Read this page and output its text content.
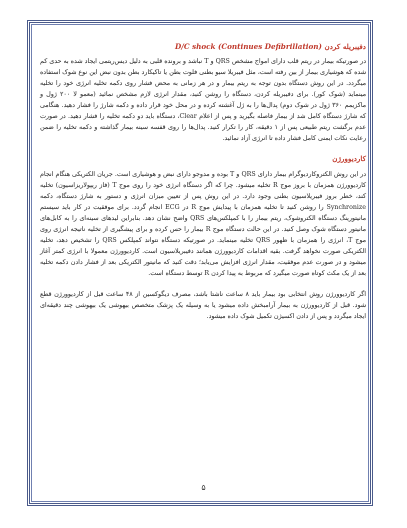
دفیبریله کردن D/C shock (Continues Defibrillation)

در صورتیکه بیمار در ریتم قلب دارای امواج مشخص QRS و T نباشد و برونده قلبی به دلیل دیس‌ریتمی ایجاد شده به حدی کم شده که هوشیاری بیمار از بین رفته است، مثل فیبریلا سیو بطنی فلوت بطن یا تاکیکارد بطن بدون نبض این نوع شوک استفاده میگردد. در این روش دستگاه بدون توجه به ریتم بیمار و در هر زمانی به محض فشار روی دکمه تخلیه انرژی خود را تخلیه مینماید (شوک کور). برای دفیبریله کردن، دستگاه را روشن کنید، مقدار انرژی لازم مشخص نمائید (معمو لا ۲۰۰ ژول و ماکزیمم ۳۶۰ ژول در شوک دوم) پدال‌ها را به ژل آغشته کرده و در محل خود قرار داده و دکمه شارژ را فشار دهید. هنگامی که شارژ دستگاه کامل شد از بیمار فاصله بگیرید و پس از اعلام Clear، دستگاه باید دو دکمه تخلیه را فشار دهید. در صورت عدم برگشت ریتم طبیعی پس از ۱ دقیقه، کار را تکرار کنید. پدال‌ها را روی قفسه سینه بیمار گذاشته و دکمه تخلیه را ضمن رعایت نکات ایمنی کامل فشار داده تا انرژی آزاد نمائید.

کاردیوورژن

در این روش الکتروکاردیوگرام بیمار دارای QRS و T بوده و مدوجو دارای نبض و هوشیاری است. جریان الکتریکی هنگام انجام کاردیوورژن همزمان با بروز موج R تخلیه میشود. چرا که اگر دستگاه انرژی خود را روی موج T (فاز ریپولاریزاسیون) تخلیه کند، خطر بروز فیبریلاسیون بطنی وجود دارد. در این روش پس از تعیین میزان انرژی و دستور به شارژ دستگاه، دکمه Synchronize را روشن کنید تا تخلیه همزمان با پیدایش موج R در ECG انجام گردد. برای موفقیت در کار باید سیستم مانیتورینگ دستگاه الکتروشوک، ریتم بیمار را با کمپلکس‌های QRS واضح نشان دهد. بنابراین لیدهای سینه‌ای را به کابل‌های مانیتور دستگاه شوک وصل کنید. در این حالت دستگاه موج R بیمار را حس کرده و برای پیشگیری از تخلیه ناتیجه انرژی روی موج T، انرژی را همزمان با ظهور QRS تخلیه مینماید. در صورتیکه دستگاه نتواند کمپلکس QRS را تشخیص دهد، تخلیه الکتریکی صورت نخواهد گرفت. بقیه اقدامات کاردیوورژن همانند دفیبریلاسیون است. کاردیوورژن معمولا با انرژی کمتر آغاز میشود و در صورت عدم موفقیت، مقدار انرژی افزایش می‌یابد؛ دقت کنید که مانیتور الکتریکی بعد از فشار دادن دکمه تخلیه بعد از یک مکث کوتاه صورت میگیرد که مربوط به پیدا کردن R توسط دستگاه است.

اگر کاردیوورژن روش انتخابی بود بیمار باید ۸ ساعت ناشتا باشد، مصرف دیگوکسین از ۴۸ ساعت قبل از کاردیوورژن قطع شود. قبل از کاردیوورژن به بیمار آرامبخش داده میشود یا به وسیله یک پزشک متخصص بیهوشی یک بیهوشی چند دقیقه‌ای ایجاد میگردد و پس از دادن اکسیژن تکمیل شوک داده میشود.

۵
